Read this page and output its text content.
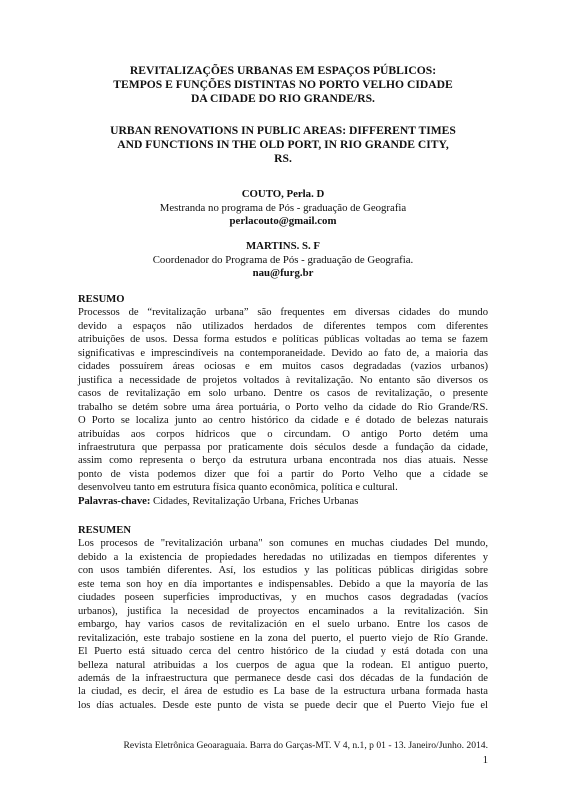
REVITALIZAÇÕES URBANAS EM ESPAÇOS PÚBLICOS:
TEMPOS E FUNÇÕES DISTINTAS NO PORTO VELHO CIDADE
DA CIDADE DO RIO GRANDE/RS.
URBAN RENOVATIONS IN PUBLIC AREAS: DIFFERENT TIMES
AND FUNCTIONS IN THE OLD PORT, IN RIO GRANDE CITY,
RS.
COUTO, Perla. D
Mestranda no programa de Pós - graduação de Geografia
perlacouto@gmail.com
MARTINS. S. F
Coordenador do Programa de Pós - graduação de Geografia.
nau@furg.br
RESUMO
Processos de “revitalização urbana” são frequentes em diversas cidades do mundo
devido a espaços não utilizados herdados de diferentes tempos com diferentes
atribuições de usos. Dessa forma estudos e políticas públicas voltadas ao tema se fazem
significativas e imprescindíveis na contemporaneidade. Devido ao fato de, a maioria das
cidades possuírem áreas ociosas e em muitos casos degradadas (vazios urbanos)
justifica a necessidade de projetos voltados à revitalização. No entanto são diversos os
casos de revitalização em solo urbano. Dentre os casos de revitalização, o presente
trabalho se detém sobre uma área portuária, o Porto velho da cidade do Rio Grande/RS.
O Porto se localiza junto ao centro histórico da cidade e é dotado de belezas naturais
atribuídas aos corpos hídricos que o circundam. O antigo Porto detém uma
infraestrutura que perpassa por praticamente dois séculos desde a fundação da cidade,
assim como representa o berço da estrutura urbana encontrada nos dias atuais. Nesse
ponto de vista podemos dizer que foi a partir do Porto Velho que a cidade se
desenvolveu tanto em estrutura física quanto econômica, política e cultural.
Palavras-chave: Cidades, Revitalização Urbana, Friches Urbanas
RESUMEN
Los procesos de "revitalización urbana" son comunes en muchas ciudades Del mundo,
debido a la existencia de propiedades heredadas no utilizadas en tiempos diferentes y
con usos también diferentes. Así, los estudios y las políticas públicas dirigidas sobre
este tema son hoy en día importantes e indispensables. Debido a que la mayoría de las
ciudades poseen superficies improductivas, y en muchos casos degradadas (vacíos
urbanos), justifica la necesidad de proyectos encaminados a la revitalización. Sin
embargo, hay varios casos de revitalización en el suelo urbano. Entre los casos de
revitalización, este trabajo sostiene en la zona del puerto, el puerto viejo de Río Grande.
El Puerto está situado cerca del centro histórico de la ciudad y está dotada con una
belleza natural atribuidas a los cuerpos de agua que la rodean. El antiguo puerto,
además de la infraestructura que permanece desde casi dos décadas de la fundación de
la ciudad, es decir, el área de estudio es La base de la estructura urbana formada hasta
los días actuales. Desde este punto de vista se puede decir que el Puerto Viejo fue el
Revista Eletrônica Geoaraguaia. Barra do Garças-MT. V 4, n.1, p 01 - 13. Janeiro/Junho. 2014.
1
